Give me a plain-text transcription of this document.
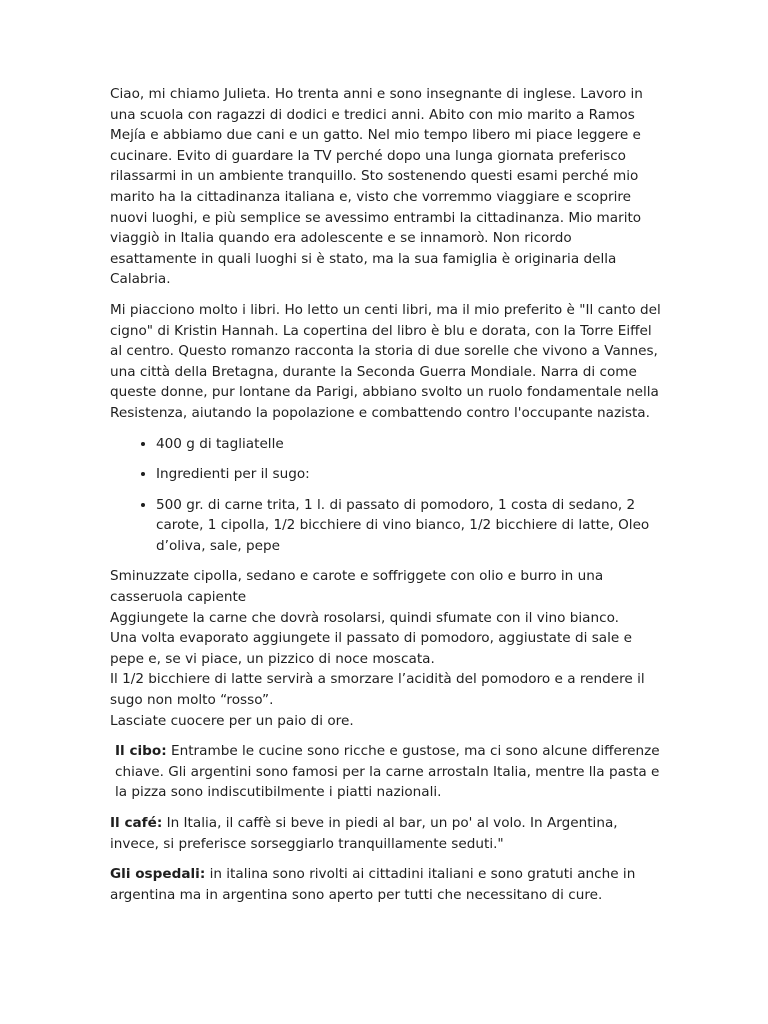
Ciao, mi chiamo Julieta. Ho trenta anni e sono insegnante di inglese. Lavoro in una scuola con ragazzi di dodici e tredici anni. Abito con mio marito a Ramos Mejía e abbiamo due cani e un gatto. Nel mio tempo libero mi piace leggere e cucinare. Evito di guardare la TV perché dopo una lunga giornata preferisco rilassarmi in un ambiente tranquillo. Sto sostenendo questi esami perché mio marito ha la cittadinanza italiana e, visto che vorremmo viaggiare e scoprire nuovi luoghi, e più semplice se avessimo entrambi la cittadinanza. Mio marito viaggiò in Italia quando era adolescente e se innamorò. Non ricordo esattamente in quali luoghi si è stato, ma la sua famiglia è originaria della Calabria.

Mi piacciono molto i libri. Ho letto un centi libri, ma il mio preferito è "Il canto del cigno" di Kristin Hannah. La copertina del libro è blu e dorata, con la Torre Eiffel al centro. Questo romanzo racconta la storia di due sorelle che vivono a Vannes, una città della Bretagna, durante la Seconda Guerra Mondiale. Narra di come queste donne, pur lontane da Parigi, abbiano svolto un ruolo fondamentale nella Resistenza, aiutando la popolazione e combattendo contro l'occupante nazista.

• 400 g di tagliatelle
• Ingredienti per il sugo:
• 500 gr. di carne trita, 1 l. di passato di pomodoro, 1 costa di sedano, 2 carote, 1 cipolla, 1/2 bicchiere di vino bianco, 1/2 bicchiere di latte, Oleo d’oliva, sale, pepe

Sminuzzate cipolla, sedano e carote e soffriggete con olio e burro in una casseruola capiente
Aggiungete la carne che dovrà rosolarsi, quindi sfumate con il vino bianco.
Una volta evaporato aggiungete il passato di pomodoro, aggiustate di sale e pepe e, se vi piace, un pizzico di noce moscata.
Il 1/2 bicchiere di latte servirà a smorzare l’acidità del pomodoro e a rendere il sugo non molto “rosso”.
Lasciate cuocere per un paio di ore.

Il cibo: Entrambe le cucine sono ricche e gustose, ma ci sono alcune differenze chiave. Gli argentini sono famosi per la carne arrostaIn Italia, mentre lla pasta e la pizza sono indiscutibilmente i piatti nazionali.

Il café: In Italia, il caffè si beve in piedi al bar, un po' al volo. In Argentina, invece, si preferisce sorseggiarlo tranquillamente seduti."

Gli ospedali: in italina sono rivolti ai cittadini italiani e sono gratuti anche in argentina ma in argentina sono aperto per tutti che necessitano di cure.
